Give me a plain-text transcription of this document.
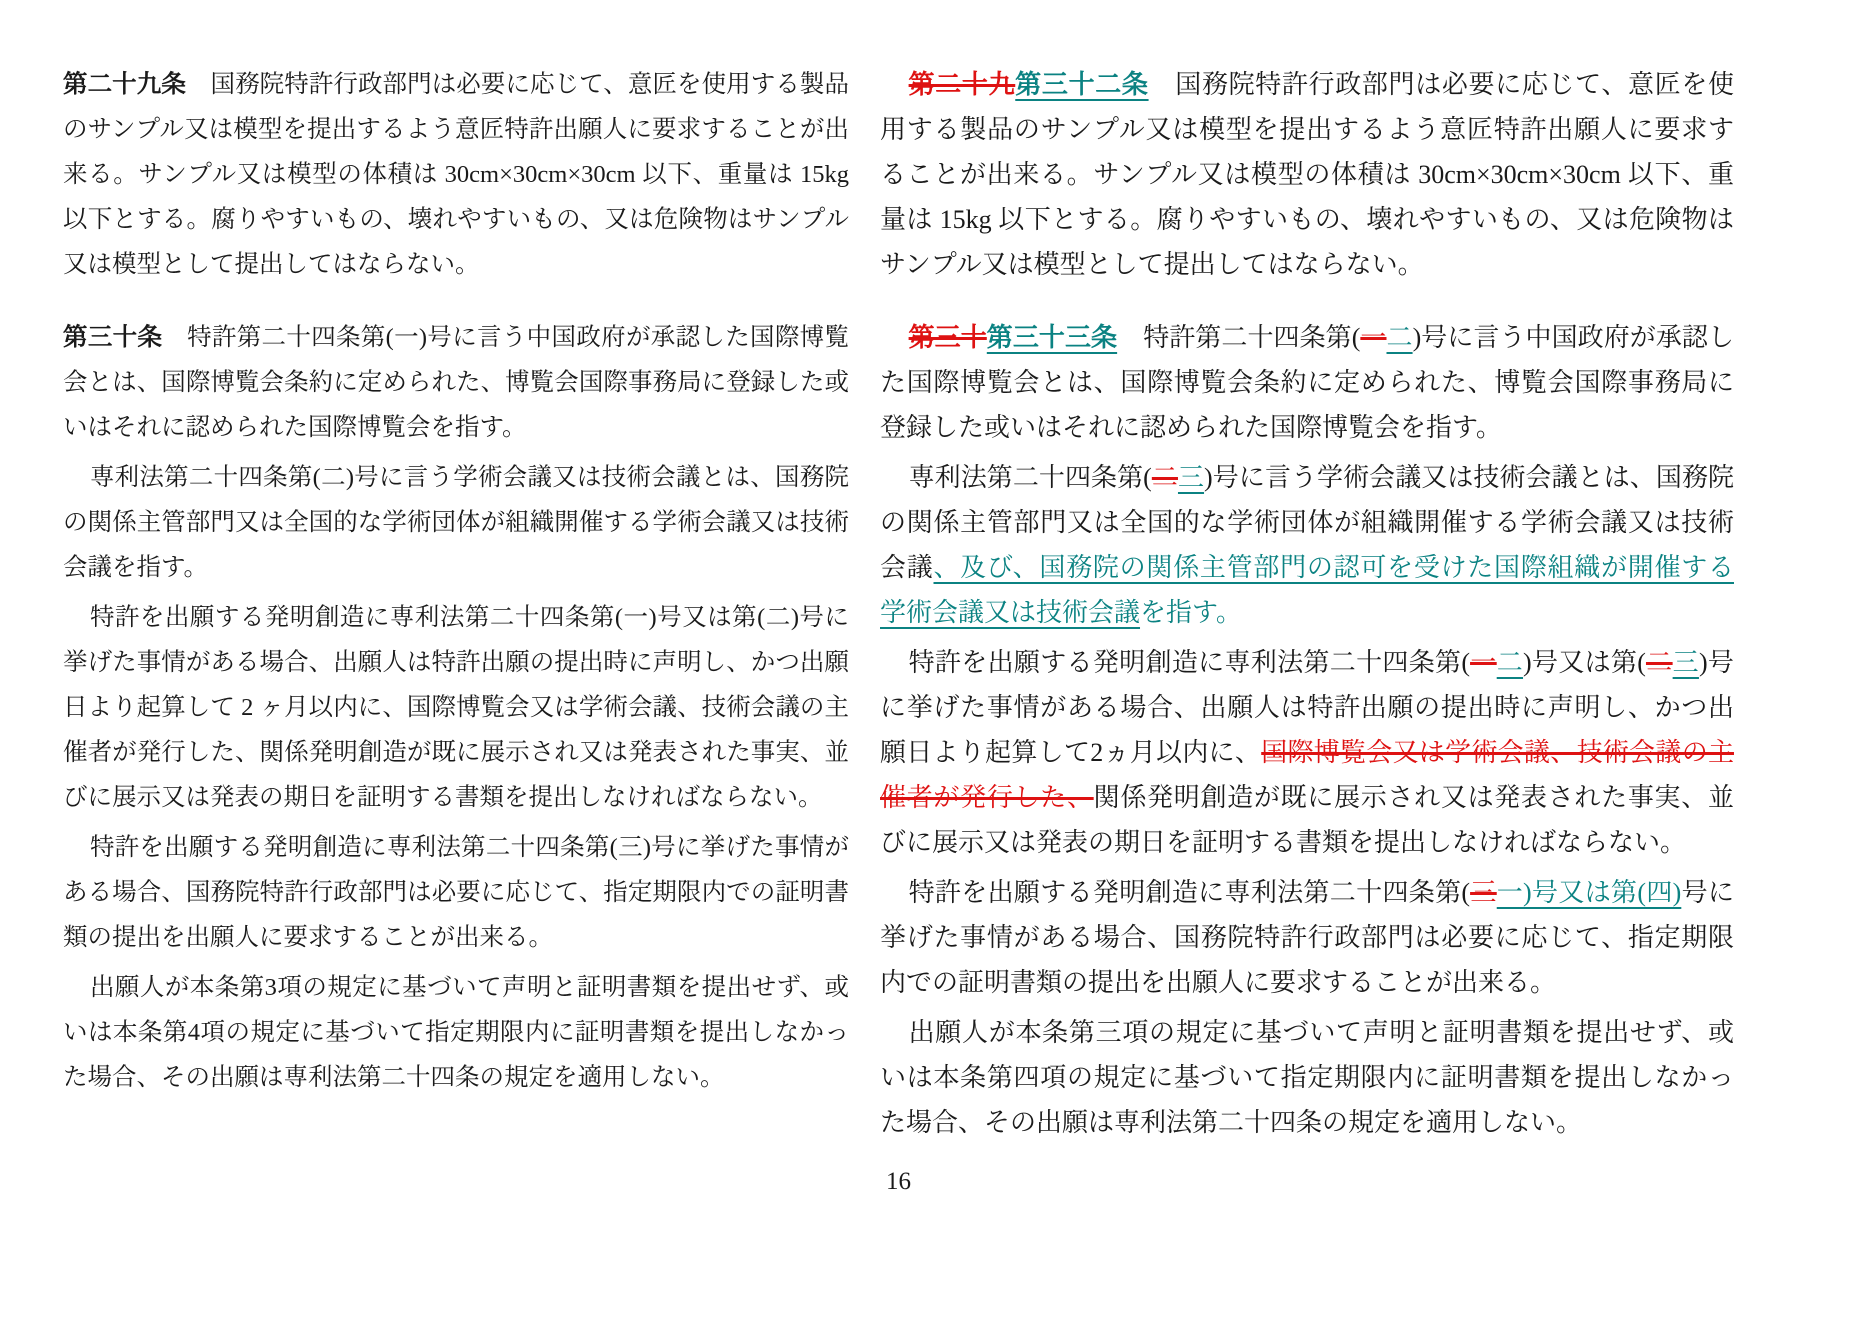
第二十九条　国務院特許行政部門は必要に応じて、意匠を使用する製品のサンプル又は模型を提出するよう意匠特許出願人に要求することが出来る。サンプル又は模型の体積は 30cm×30cm×30cm 以下、重量は 15kg 以下とする。腐りやすいもの、壊れやすいもの、又は危険物はサンプル又は模型として提出してはならない。

第三十条　特許第二十四条第(一)号に言う中国政府が承認した国際博覧会とは、国際博覧会条約に定められた、博覧会国際事務局に登録した或いはそれに認められた国際博覧会を指す。

専利法第二十四条第(二)号に言う学術会議又は技術会議とは、国務院の関係主管部門又は全国的な学術団体が組織開催する学術会議又は技術会議を指す。

特許を出願する発明創造に専利法第二十四条第(一)号又は第(二)号に挙げた事情がある場合、出願人は特許出願の提出時に声明し、かつ出願日より起算して 2 ヶ月以内に、国際博覧会又は学術会議、技術会議の主催者が発行した、関係発明創造が既に展示され又は発表された事実、並びに展示又は発表の期日を証明する書類を提出しなければならない。

特許を出願する発明創造に専利法第二十四条第(三)号に挙げた事情がある場合、国務院特許行政部門は必要に応じて、指定期限内での証明書類の提出を出願人に要求することが出来る。

出願人が本条第3項の規定に基づいて声明と証明書類を提出せず、或いは本条第4項の規定に基づいて指定期限内に証明書類を提出しなかった場合、その出願は専利法第二十四条の規定を適用しない。

第二十九第三十二条　国務院特許行政部門は必要に応じて、意匠を使用する製品のサンプル又は模型を提出するよう意匠特許出願人に要求することが出来る。サンプル又は模型の体積は 30cm×30cm×30cm 以下、重量は 15kg 以下とする。腐りやすいもの、壊れやすいもの、又は危険物はサンプル又は模型として提出してはならない。

第三十第三十三条　特許第二十四条第(一二)号に言う中国政府が承認した国際博覧会とは、国際博覧会条約に定められた、博覧会国際事務局に登録した或いはそれに認められた国際博覧会を指す。

専利法第二十四条第(二三)号に言う学術会議又は技術会議とは、国務院の関係主管部門又は全国的な学術団体が組織開催する学術会議又は技術会議、及び、国務院の関係主管部門の認可を受けた国際組織が開催する学術会議又は技術会議を指す。

特許を出願する発明創造に専利法第二十四条第(一二)号又は第(二三)号に挙げた事情がある場合、出願人は特許出願の提出時に声明し、かつ出願日より起算して2ヵ月以内に、国際博覧会又は学術会議、技術会議の主催者が発行した、関係発明創造が既に展示され又は発表された事実、並びに展示又は発表の期日を証明する書類を提出しなければならない。

特許を出願する発明創造に専利法第二十四条第(三一)号又は第(四)号に挙げた事情がある場合、国務院特許行政部門は必要に応じて、指定期限内での証明書類の提出を出願人に要求することが出来る。

出願人が本条第三項の規定に基づいて声明と証明書類を提出せず、或いは本条第四項の規定に基づいて指定期限内に証明書類を提出しなかった場合、その出願は専利法第二十四条の規定を適用しない。

16
